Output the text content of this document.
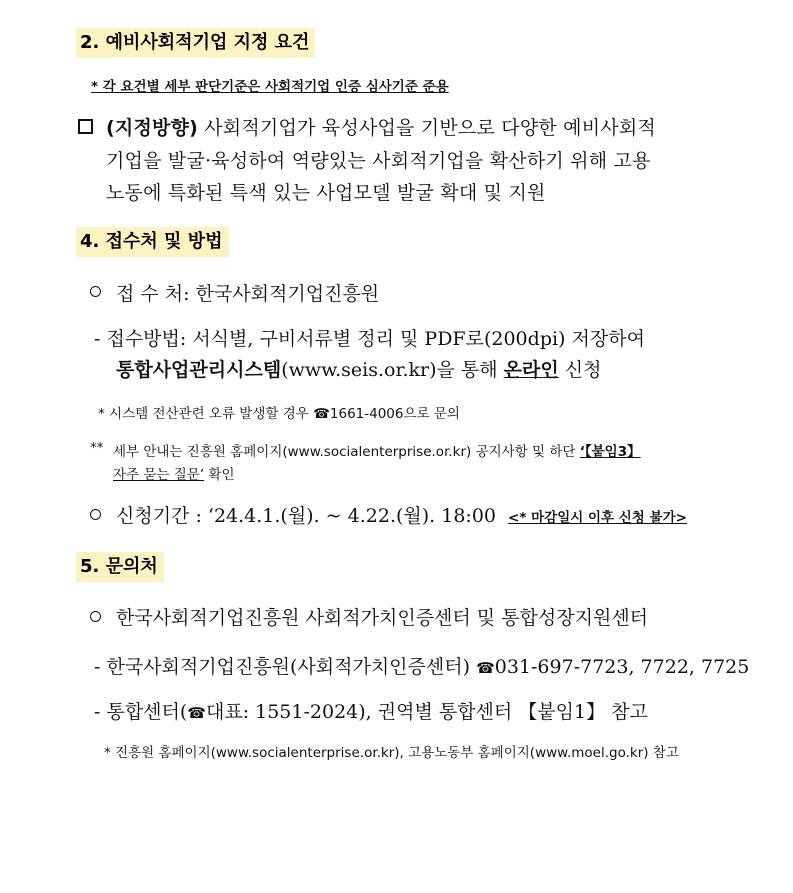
2. 예비사회적기업 지정 요건
* 각 요건별 세부 판단기준은 사회적기업 인증 심사기준 준용
(지정방향) 사회적기업가 육성사업을 기반으로 다양한 예비사회적
기업을 발굴·육성하여 역량있는 사회적기업을 확산하기 위해 고용
노동에 특화된 특색 있는 사업모델 발굴 확대 및 지원
4. 접수처 및 방법
접 수 처: 한국사회적기업진흥원
- 접수방법: 서식별, 구비서류별 정리 및 PDF로(200dpi) 저장하여
통합사업관리시스템(www.seis.or.kr)을 통해 온라인 신청
* 시스템 전산관련 오류 발생할 경우 ☎1661-4006으로 문의
** 세부 안내는 진흥원 홈페이지(www.socialenterprise.or.kr) 공지사항 및 하단 ‘【붙임3】
자주 묻는 질문’ 확인
신청기간 : ‘24.4.1.(월). ~ 4.22.(월). 18:00 <* 마감일시 이후 신청 불가>
5. 문의처
한국사회적기업진흥원 사회적가치인증센터 및 통합성장지원센터
- 한국사회적기업진흥원(사회적가치인증센터) ☎031-697-7723, 7722, 7725
- 통합센터(☎대표: 1551-2024), 권역별 통합센터 【붙임1】 참고
* 진흥원 홈페이지(www.socialenterprise.or.kr), 고용노동부 홈페이지(www.moel.go.kr) 참고
